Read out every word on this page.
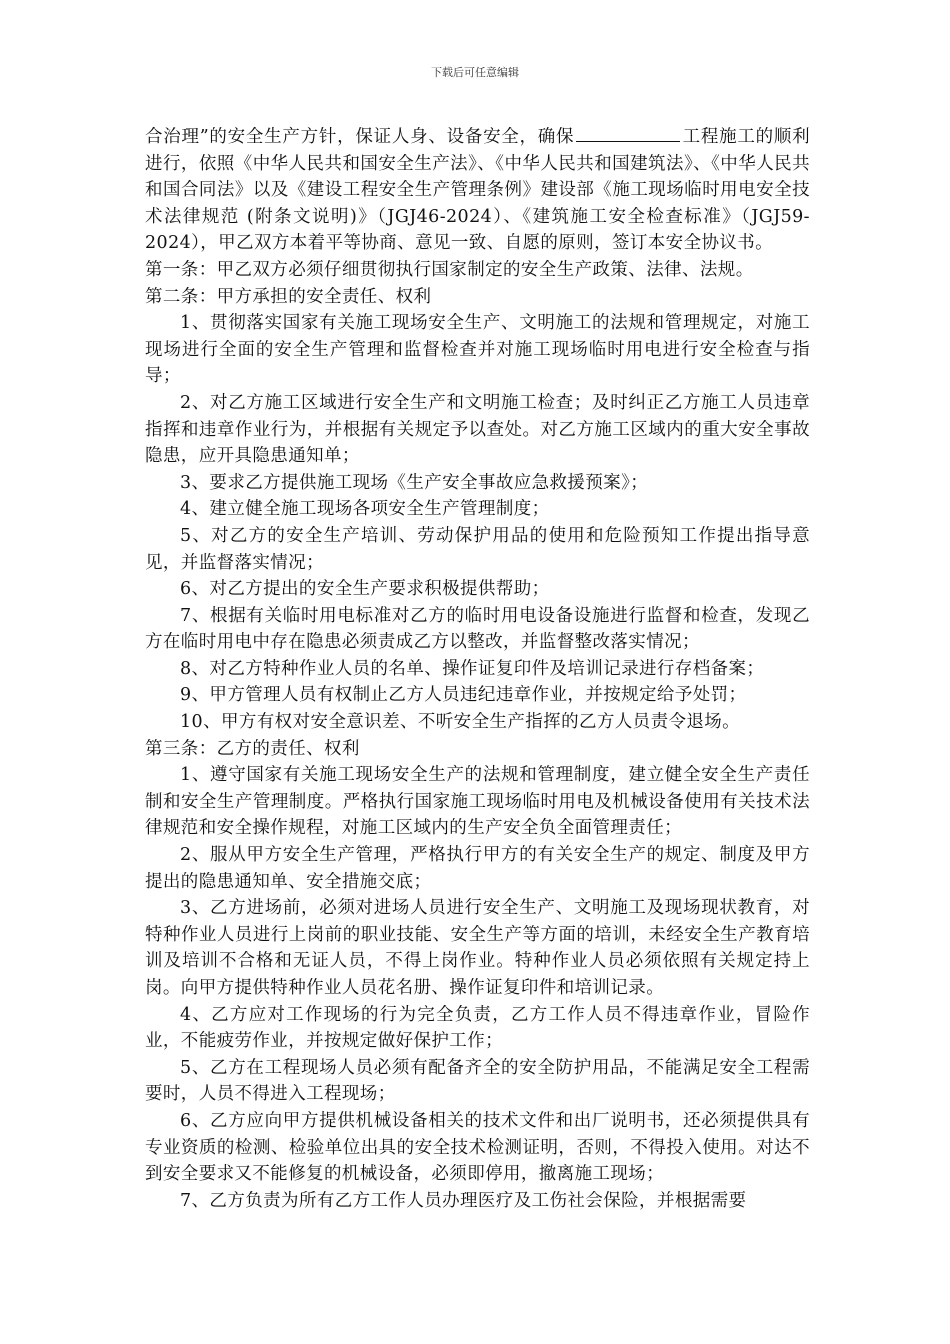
下载后可任意编辑

合治理”的安全生产方针，保证人身、设备安全，确保	工程施工的顺利进行，依照《中华人民共和国安全生产法》、《中华人民共和国建筑法》、《中华人民共和国合同法》以及《建设工程安全生产管理条例》建设部《施工现场临时用电安全技术法律规范 (附条文说明)》（JGJ46-2024）、《建筑施工安全检查标准》（JGJ59-2024），甲乙双方本着平等协商、意见一致、自愿的原则，签订本安全协议书。

第一条：甲乙双方必须仔细贯彻执行国家制定的安全生产政策、法律、法规。

第二条：甲方承担的安全责任、权利

1、贯彻落实国家有关施工现场安全生产、文明施工的法规和管理规定，对施工现场进行全面的安全生产管理和监督检查并对施工现场临时用电进行安全检查与指导；

2、对乙方施工区域进行安全生产和文明施工检查；及时纠正乙方施工人员违章指挥和违章作业行为，并根据有关规定予以查处。对乙方施工区域内的重大安全事故隐患，应开具隐患通知单；

3、要求乙方提供施工现场《生产安全事故应急救援预案》；

4、建立健全施工现场各项安全生产管理制度；

5、对乙方的安全生产培训、劳动保护用品的使用和危险预知工作提出指导意见，并监督落实情况；

6、对乙方提出的安全生产要求积极提供帮助；

7、根据有关临时用电标准对乙方的临时用电设备设施进行监督和检查，发现乙方在临时用电中存在隐患必须责成乙方以整改，并监督整改落实情况；

8、对乙方特种作业人员的名单、操作证复印件及培训记录进行存档备案；

9、甲方管理人员有权制止乙方人员违纪违章作业，并按规定给予处罚；

10、甲方有权对安全意识差、不听安全生产指挥的乙方人员责令退场。

第三条：乙方的责任、权利

1、遵守国家有关施工现场安全生产的法规和管理制度，建立健全安全生产责任制和安全生产管理制度。严格执行国家施工现场临时用电及机械设备使用有关技术法律规范和安全操作规程，对施工区域内的生产安全负全面管理责任；

2、服从甲方安全生产管理，严格执行甲方的有关安全生产的规定、制度及甲方提出的隐患通知单、安全措施交底；

3、乙方进场前，必须对进场人员进行安全生产、文明施工及现场现状教育，对特种作业人员进行上岗前的职业技能、安全生产等方面的培训，未经安全生产教育培训及培训不合格和无证人员，不得上岗作业。特种作业人员必须依照有关规定持上岗。向甲方提供特种作业人员花名册、操作证复印件和培训记录。

4、乙方应对工作现场的行为完全负责，乙方工作人员不得违章作业，冒险作业，不能疲劳作业，并按规定做好保护工作；

5、乙方在工程现场人员必须有配备齐全的安全防护用品，不能满足安全工程需要时，人员不得进入工程现场；

6、乙方应向甲方提供机械设备相关的技术文件和出厂说明书，还必须提供具有专业资质的检测、检验单位出具的安全技术检测证明，否则，不得投入使用。对达不到安全要求又不能修复的机械设备，必须即停用，撤离施工现场；

7、乙方负责为所有乙方工作人员办理医疗及工伤社会保险，并根据需要
